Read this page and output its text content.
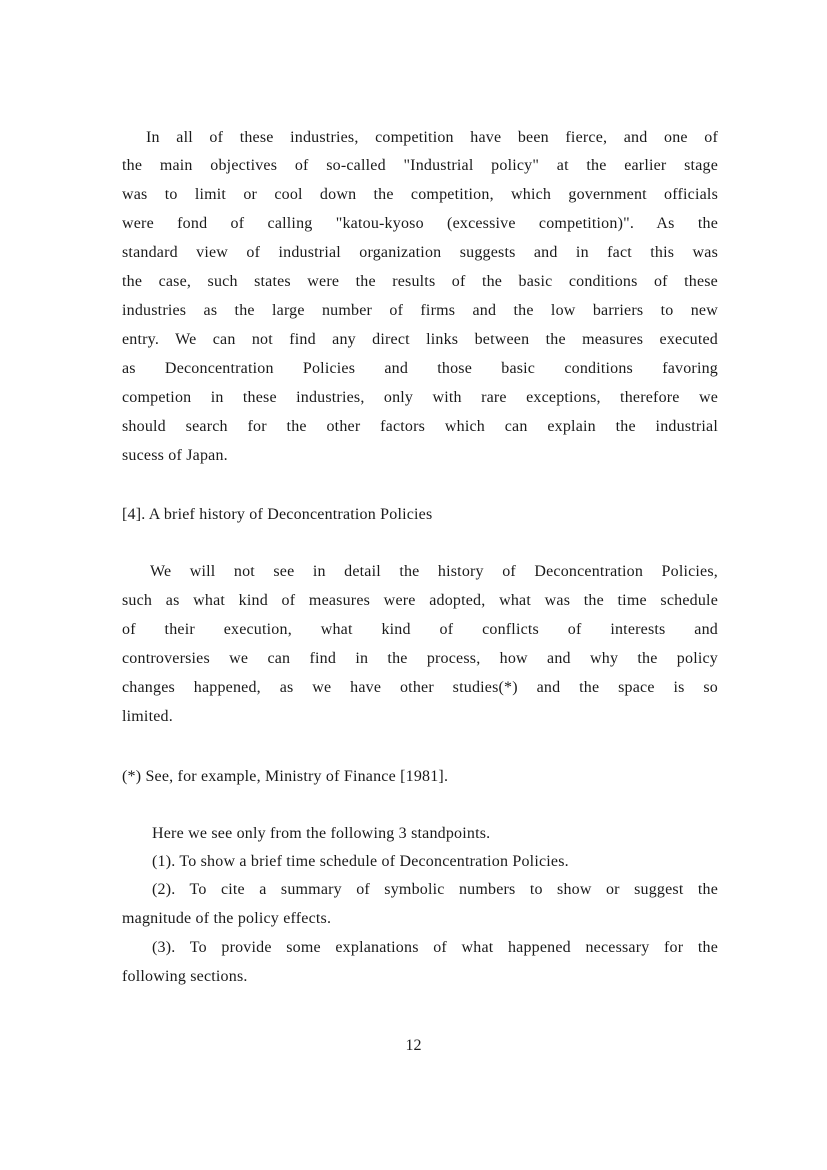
In all of these industries, competition have been fierce, and one of
the main objectives of so-called "Industrial policy" at the earlier stage
was to limit or cool down the competition, which government officials
were fond of calling "katou-kyoso (excessive competition)". As the
standard view of industrial organization suggests and in fact this was
the case, such states were the results of the basic conditions of these
industries as the large number of firms and the low barriers to new
entry. We can not find any direct links between the measures executed
as Deconcentration Policies and those basic conditions favoring
competion in these industries, only with rare exceptions, therefore we
should search for the other factors which can explain the industrial
sucess of Japan.
[4]. A brief history of Deconcentration Policies
We will not see in detail the history of Deconcentration Policies,
such as what kind of measures were adopted, what was the time schedule
of their execution, what kind of conflicts of interests and
controversies we can find in the process, how and why the policy
changes happened, as we have other studies(*) and the space is so
limited.
(*) See, for example, Ministry of Finance [1981].
Here we see only from the following 3 standpoints.
(1). To show a brief time schedule of Deconcentration Policies.
(2). To cite a summary of symbolic numbers to show or suggest the
magnitude of the policy effects.
(3). To provide some explanations of what happened necessary for the
following sections.
12
